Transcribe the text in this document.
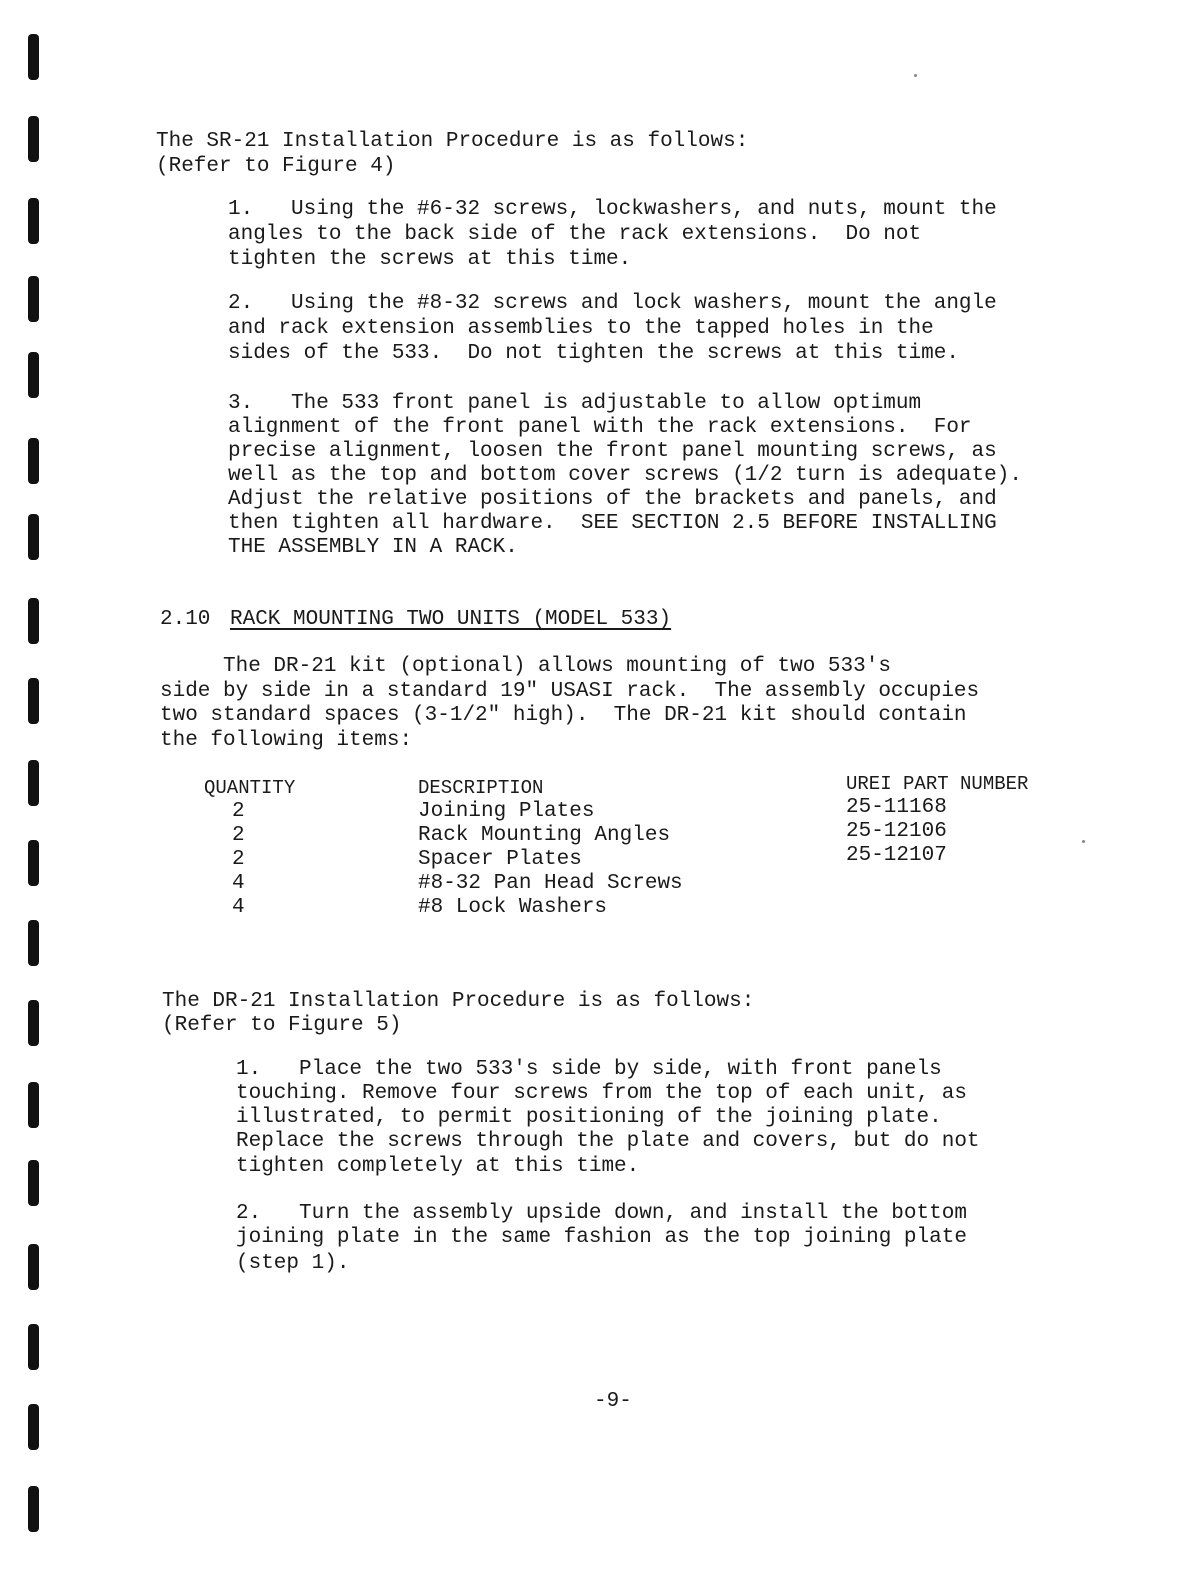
The SR-21 Installation Procedure is as follows:
(Refer to Figure 4)
1.   Using the #6-32 screws, lockwashers, and nuts, mount the
angles to the back side of the rack extensions.  Do not
tighten the screws at this time.
2.   Using the #8-32 screws and lock washers, mount the angle
and rack extension assemblies to the tapped holes in the
sides of the 533.  Do not tighten the screws at this time.
3.   The 533 front panel is adjustable to allow optimum
alignment of the front panel with the rack extensions.  For
precise alignment, loosen the front panel mounting screws, as
well as the top and bottom cover screws (1/2 turn is adequate).
Adjust the relative positions of the brackets and panels, and
then tighten all hardware.  SEE SECTION 2.5 BEFORE INSTALLING
THE ASSEMBLY IN A RACK.
2.10 RACK MOUNTING TWO UNITS (MODEL 533)
The DR-21 kit (optional) allows mounting of two 533's
side by side in a standard 19" USASI rack.  The assembly occupies
two standard spaces (3-1/2" high).  The DR-21 kit should contain
the following items:
QUANTITY	DESCRIPTION	UREI PART NUMBER
2	Joining Plates	25-11168
2	Rack Mounting Angles	25-12106
2	Spacer Plates	25-12107
4	#8-32 Pan Head Screws
4	#8 Lock Washers
The DR-21 Installation Procedure is as follows:
(Refer to Figure 5)
1.   Place the two 533's side by side, with front panels
touching. Remove four screws from the top of each unit, as
illustrated, to permit positioning of the joining plate.
Replace the screws through the plate and covers, but do not
tighten completely at this time.
2.   Turn the assembly upside down, and install the bottom
joining plate in the same fashion as the top joining plate
(step 1).
-9-
